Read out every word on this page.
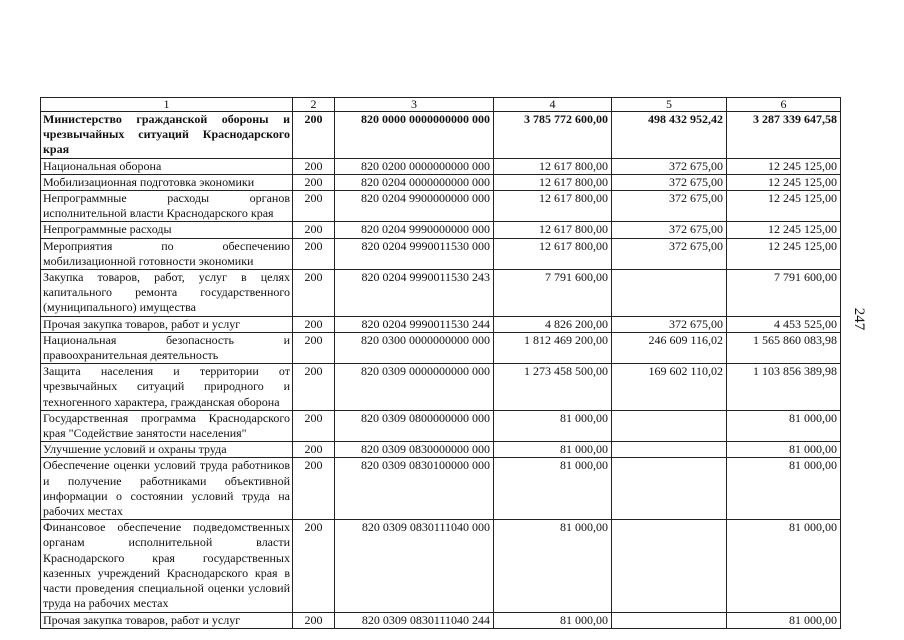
1	2	3	4	5	6
Министерство гражданской обороны и чрезвычайных ситуаций Краснодарского края	200	820 0000 0000000000 000	3 785 772 600,00	498 432 952,42	3 287 339 647,58
Национальная оборона	200	820 0200 0000000000 000	12 617 800,00	372 675,00	12 245 125,00
Мобилизационная подготовка экономики	200	820 0204 0000000000 000	12 617 800,00	372 675,00	12 245 125,00
Непрограммные расходы органов исполнительной власти Краснодарского края	200	820 0204 9900000000 000	12 617 800,00	372 675,00	12 245 125,00
Непрограммные расходы	200	820 0204 9990000000 000	12 617 800,00	372 675,00	12 245 125,00
Мероприятия по обеспечению мобилизационной готовности экономики	200	820 0204 9990011530 000	12 617 800,00	372 675,00	12 245 125,00
Закупка товаров, работ, услуг в целях капитального ремонта государственного (муниципального) имущества	200	820 0204 9990011530 243	7 791 600,00		7 791 600,00
Прочая закупка товаров, работ и услуг	200	820 0204 9990011530 244	4 826 200,00	372 675,00	4 453 525,00
Национальная безопасность и правоохранительная деятельность	200	820 0300 0000000000 000	1 812 469 200,00	246 609 116,02	1 565 860 083,98
Защита населения и территории от чрезвычайных ситуаций природного и техногенного характера, гражданская оборона	200	820 0309 0000000000 000	1 273 458 500,00	169 602 110,02	1 103 856 389,98
Государственная программа Краснодарского края "Содействие занятости населения"	200	820 0309 0800000000 000	81 000,00		81 000,00
Улучшение условий и охраны труда	200	820 0309 0830000000 000	81 000,00		81 000,00
Обеспечение оценки условий труда работников и получение работниками объективной информации о состоянии условий труда на рабочих местах	200	820 0309 0830100000 000	81 000,00		81 000,00
Финансовое обеспечение подведомственных органам исполнительной власти Краснодарского края государственных казенных учреждений Краснодарского края в части проведения специальной оценки условий труда на рабочих местах	200	820 0309 0830111040 000	81 000,00		81 000,00
Прочая закупка товаров, работ и услуг	200	820 0309 0830111040 244	81 000,00		81 000,00
247
